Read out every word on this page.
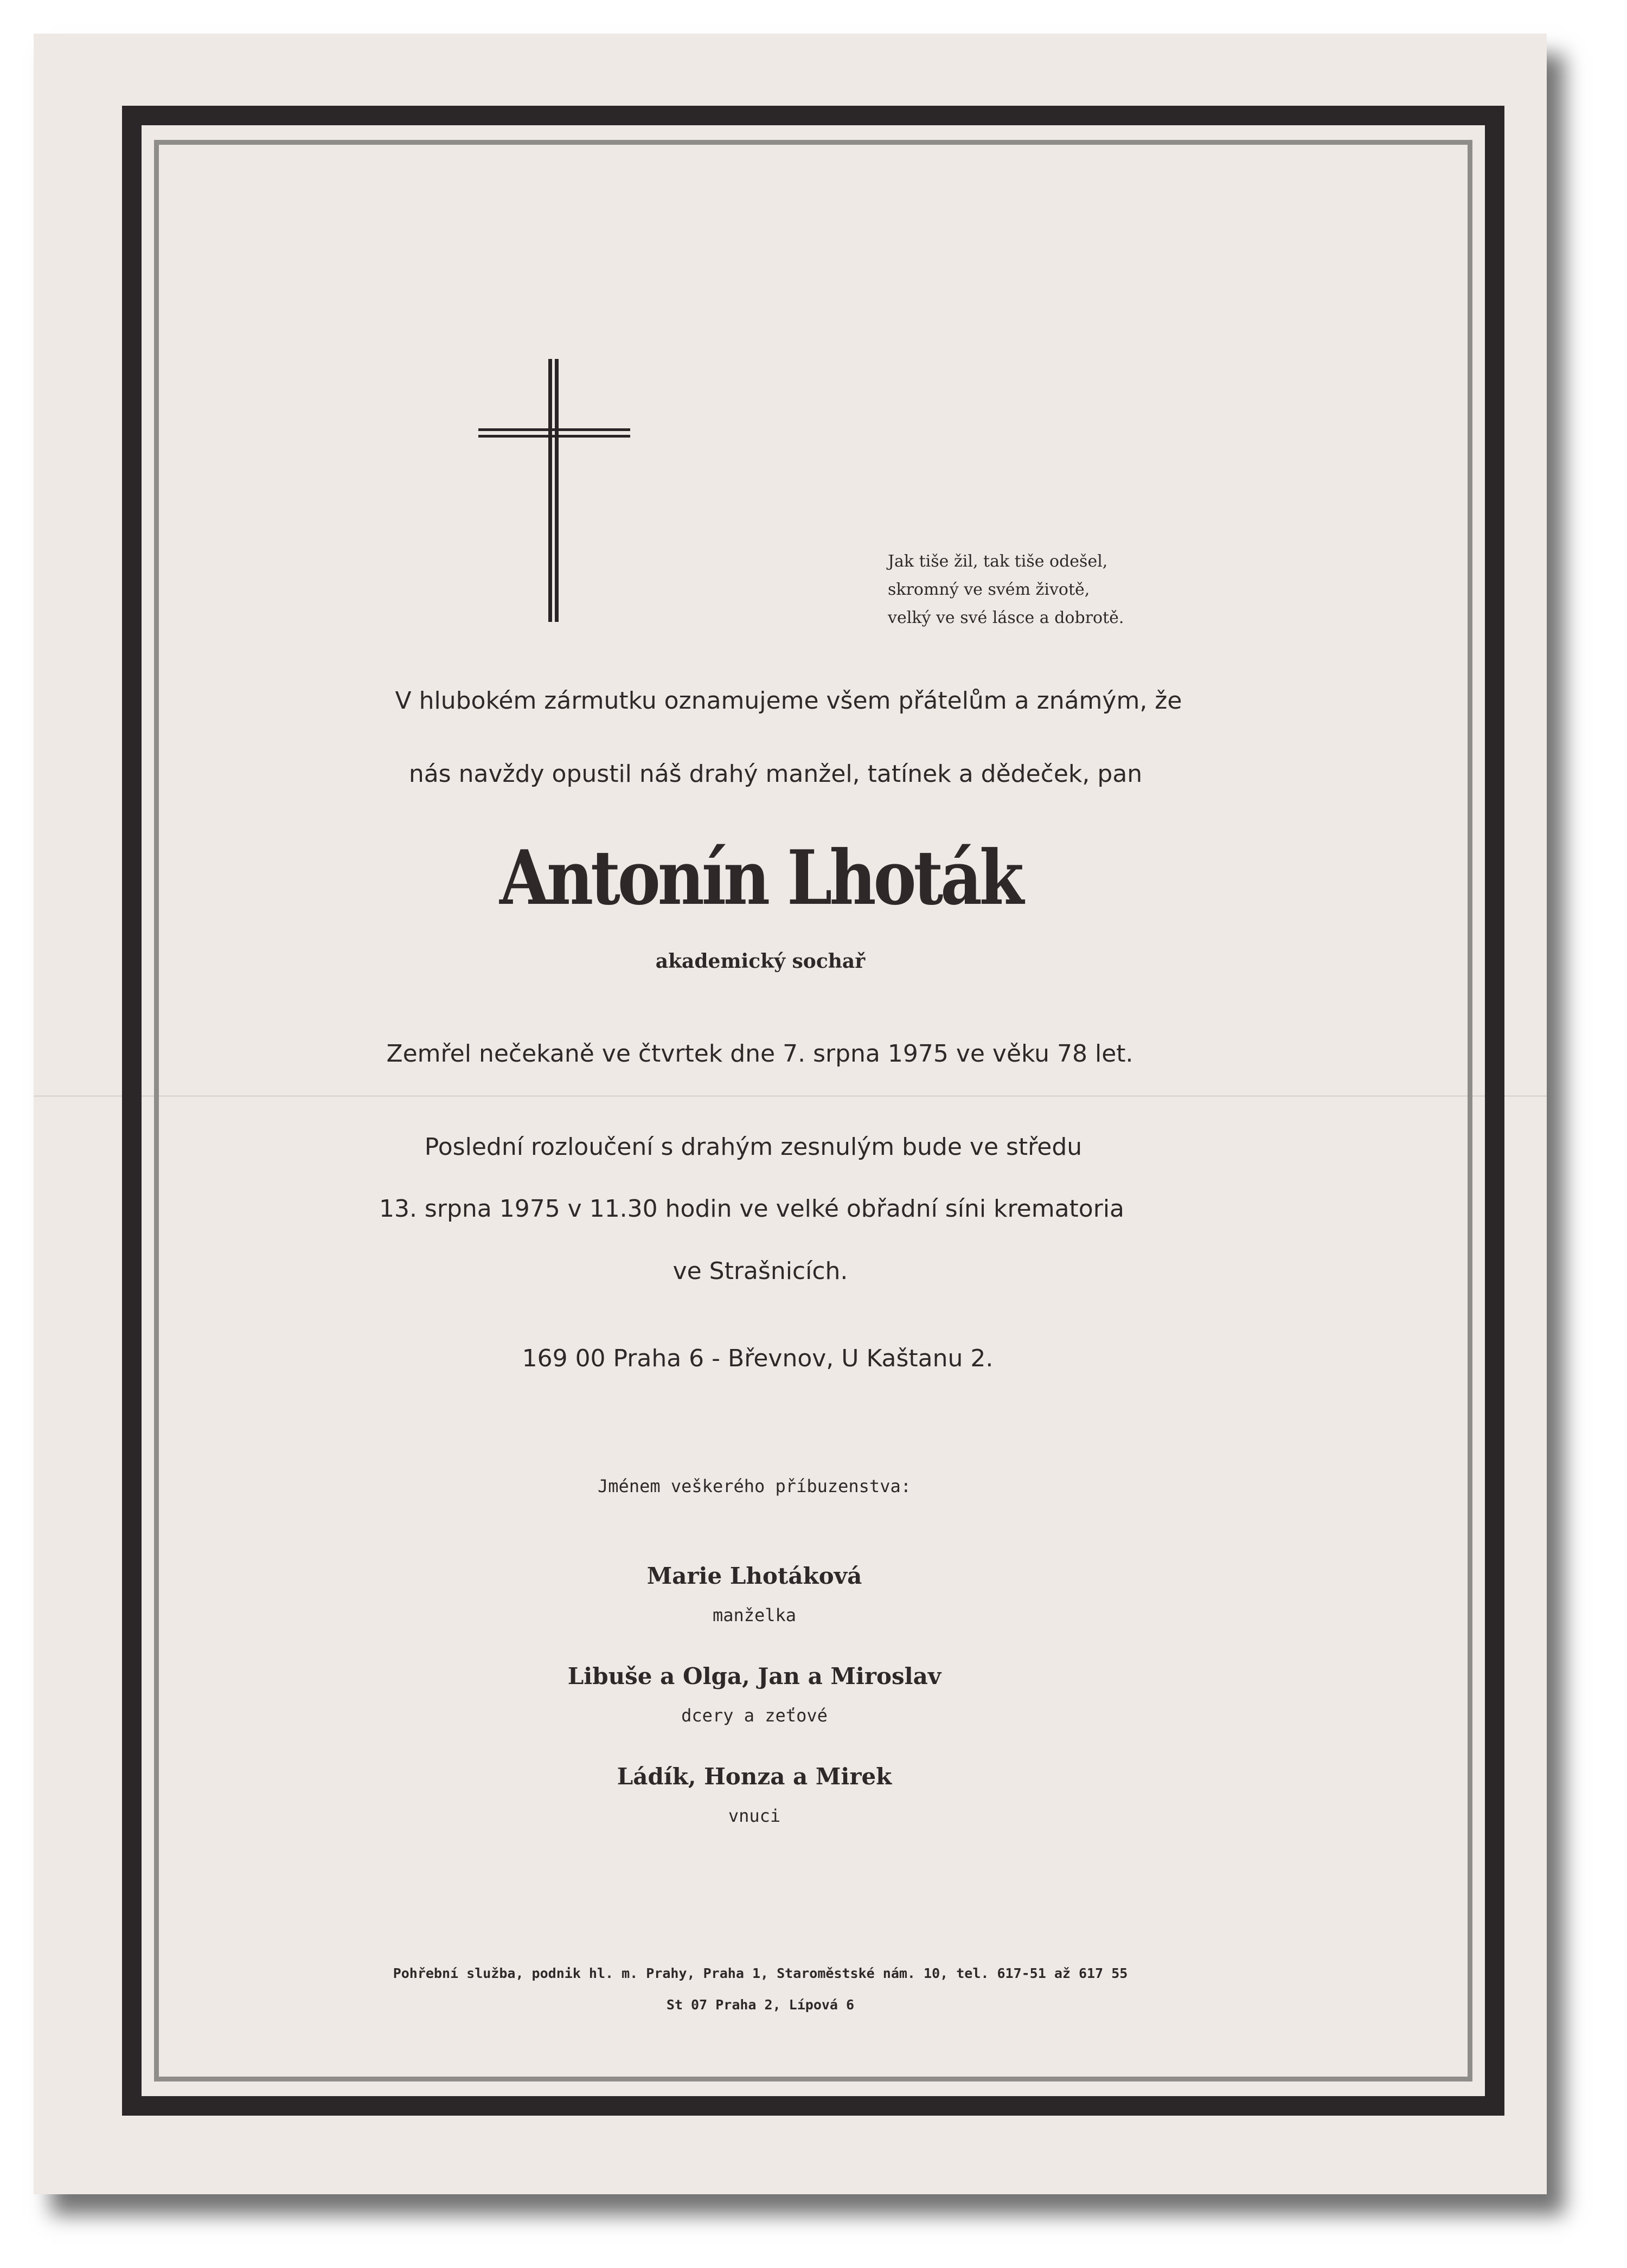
Jak tiše žil, tak tiše odešel,
skromný ve svém životě,
velký ve své lásce a dobrotě.
V hlubokém zármutku oznamujeme všem přátelům a známým, že
nás navždy opustil náš drahý manžel, tatínek a dědeček, pan
Antonín Lhoták
akademický sochař
Zemřel nečekaně ve čtvrtek dne 7. srpna 1975 ve věku 78 let.
Poslední rozloučení s drahým zesnulým bude ve středu
13. srpna 1975 v 11.30 hodin ve velké obřadní síni krematoria
ve Strašnicích.
169 00 Praha 6 - Břevnov, U Kaštanu 2.
Jménem veškerého příbuzenstva:
Marie Lhotáková
manželka
Libuše a Olga, Jan a Miroslav
dcery a zeťové
Ládík, Honza a Mirek
vnuci
Pohřební služba, podnik hl. m. Prahy, Praha 1, Staroměstské nám. 10, tel. 617-51 až 617 55
St 07 Praha 2, Lípová 6
